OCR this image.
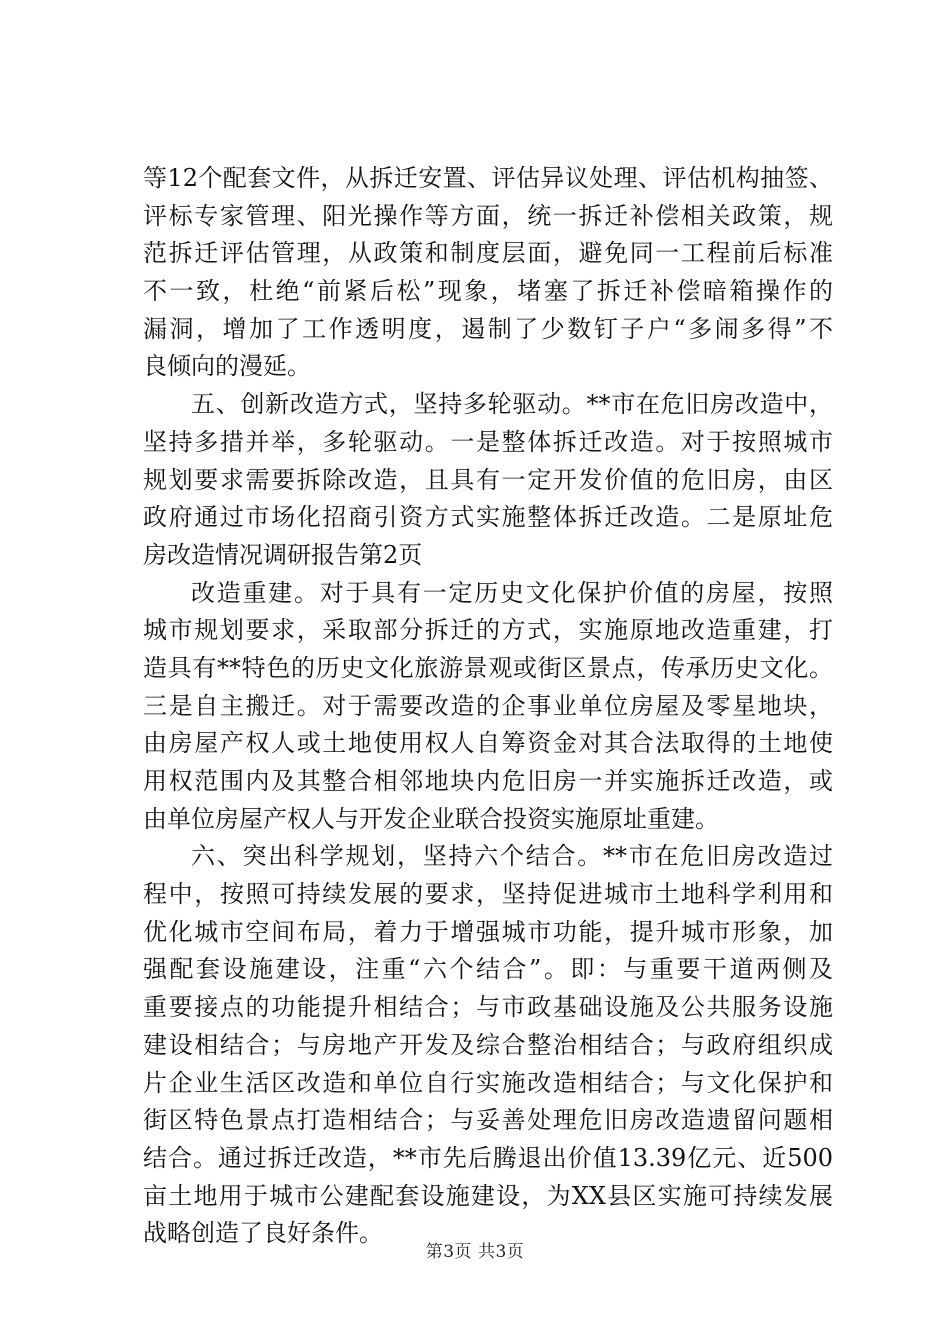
等12个配套文件，从拆迁安置、评估异议处理、评估机构抽签、
评标专家管理、阳光操作等方面，统一拆迁补偿相关政策，规
范拆迁评估管理，从政策和制度层面，避免同一工程前后标准
不一致，杜绝“前紧后松”现象，堵塞了拆迁补偿暗箱操作的
漏洞，增加了工作透明度，遏制了少数钉子户“多闹多得”不
良倾向的漫延。
五、创新改造方式，坚持多轮驱动。**市在危旧房改造中，
坚持多措并举，多轮驱动。一是整体拆迁改造。对于按照城市
规划要求需要拆除改造，且具有一定开发价值的危旧房，由区
政府通过市场化招商引资方式实施整体拆迁改造。二是原址危
房改造情况调研报告第2页
改造重建。对于具有一定历史文化保护价值的房屋，按照
城市规划要求，采取部分拆迁的方式，实施原地改造重建，打
造具有**特色的历史文化旅游景观或街区景点，传承历史文化。
三是自主搬迁。对于需要改造的企事业单位房屋及零星地块，
由房屋产权人或土地使用权人自筹资金对其合法取得的土地使
用权范围内及其整合相邻地块内危旧房一并实施拆迁改造，或
由单位房屋产权人与开发企业联合投资实施原址重建。
六、突出科学规划，坚持六个结合。**市在危旧房改造过
程中，按照可持续发展的要求，坚持促进城市土地科学利用和
优化城市空间布局，着力于增强城市功能，提升城市形象，加
强配套设施建设，注重“六个结合”。即：与重要干道两侧及
重要接点的功能提升相结合；与市政基础设施及公共服务设施
建设相结合；与房地产开发及综合整治相结合；与政府组织成
片企业生活区改造和单位自行实施改造相结合；与文化保护和
街区特色景点打造相结合；与妥善处理危旧房改造遗留问题相
结合。通过拆迁改造，**市先后腾退出价值13.39亿元、近500
亩土地用于城市公建配套设施建设，为XX县区实施可持续发展
战略创造了良好条件。
第3页 共3页
